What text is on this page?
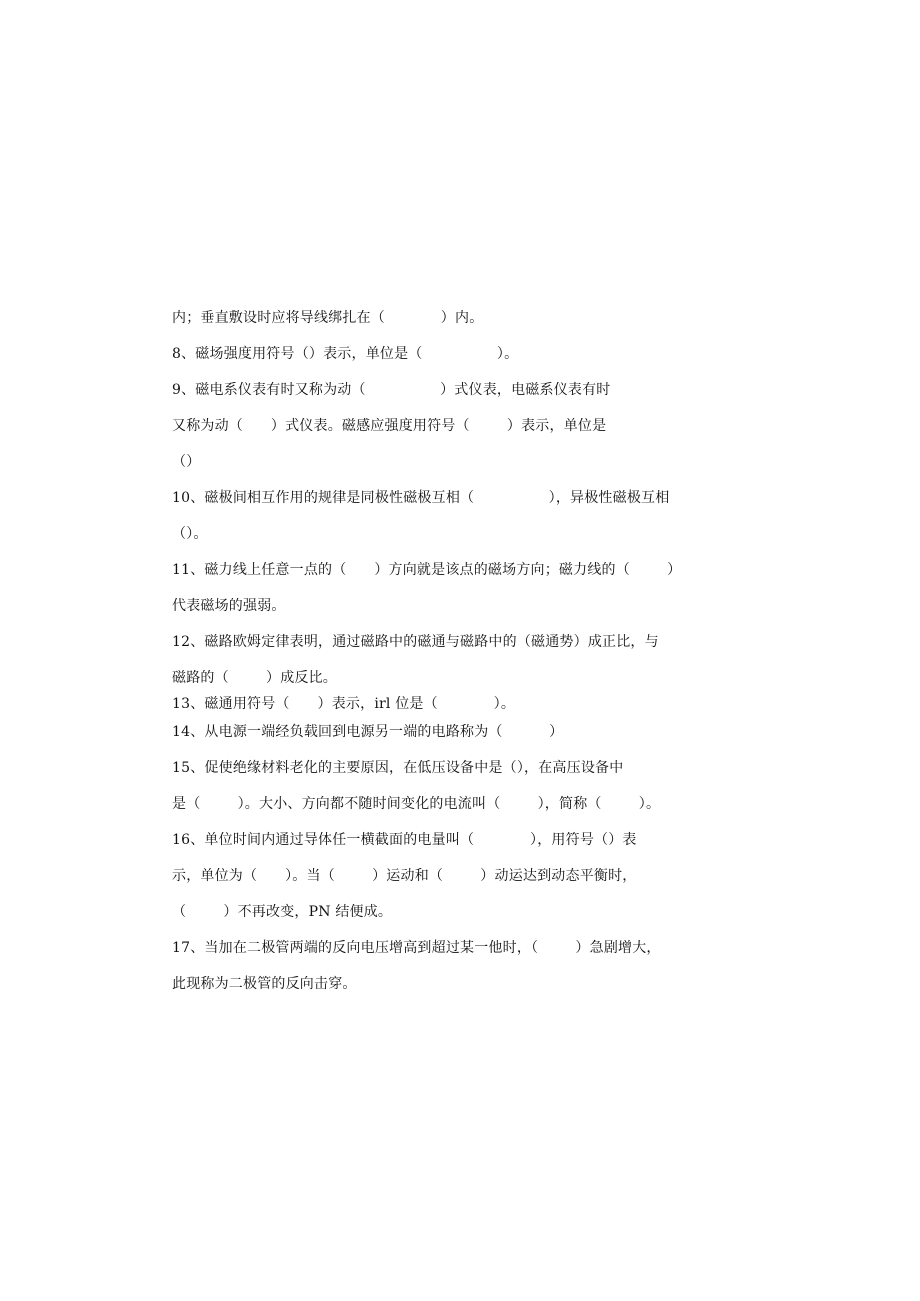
内；垂直敷设时应将导线绑扎在（            ）内。
8、磁场强度用符号（）表示，单位是（                ）。
9、磁电系仪表有时又称为动（                ）式仪表，电磁系仪表有时
又称为动（      ）式仪表。磁感应强度用符号（        ）表示，单位是
（）
10、磁极间相互作用的规律是同极性磁极互相（                ），异极性磁极互相
（）。
11、磁力线上任意一点的（      ）方向就是该点的磁场方向；磁力线的（        ）
代表磁场的强弱。
12、磁路欧姆定律表明，通过磁路中的磁通与磁路中的（磁通势）成正比，与
磁路的（        ）成反比。
13、磁通用符号（      ）表示，irl 位是（            ）。
14、从电源一端经负载回到电源另一端的电路称为（          ）
15、促使绝缘材料老化的主要原因，在低压设备中是（），在高压设备中
是（        ）。大小、方向都不随时间变化的电流叫（        ），简称（        ）。
16、单位时间内通过导体任一横截面的电量叫（            ），用符号（）表
示，单位为（      ）。当（        ）运动和（        ）动运达到动态平衡时，
（        ）不再改变，PN 结便成。
17、当加在二极管两端的反向电压增高到超过某一他时，（        ）急剧增大，
此现称为二极管的反向击穿。
